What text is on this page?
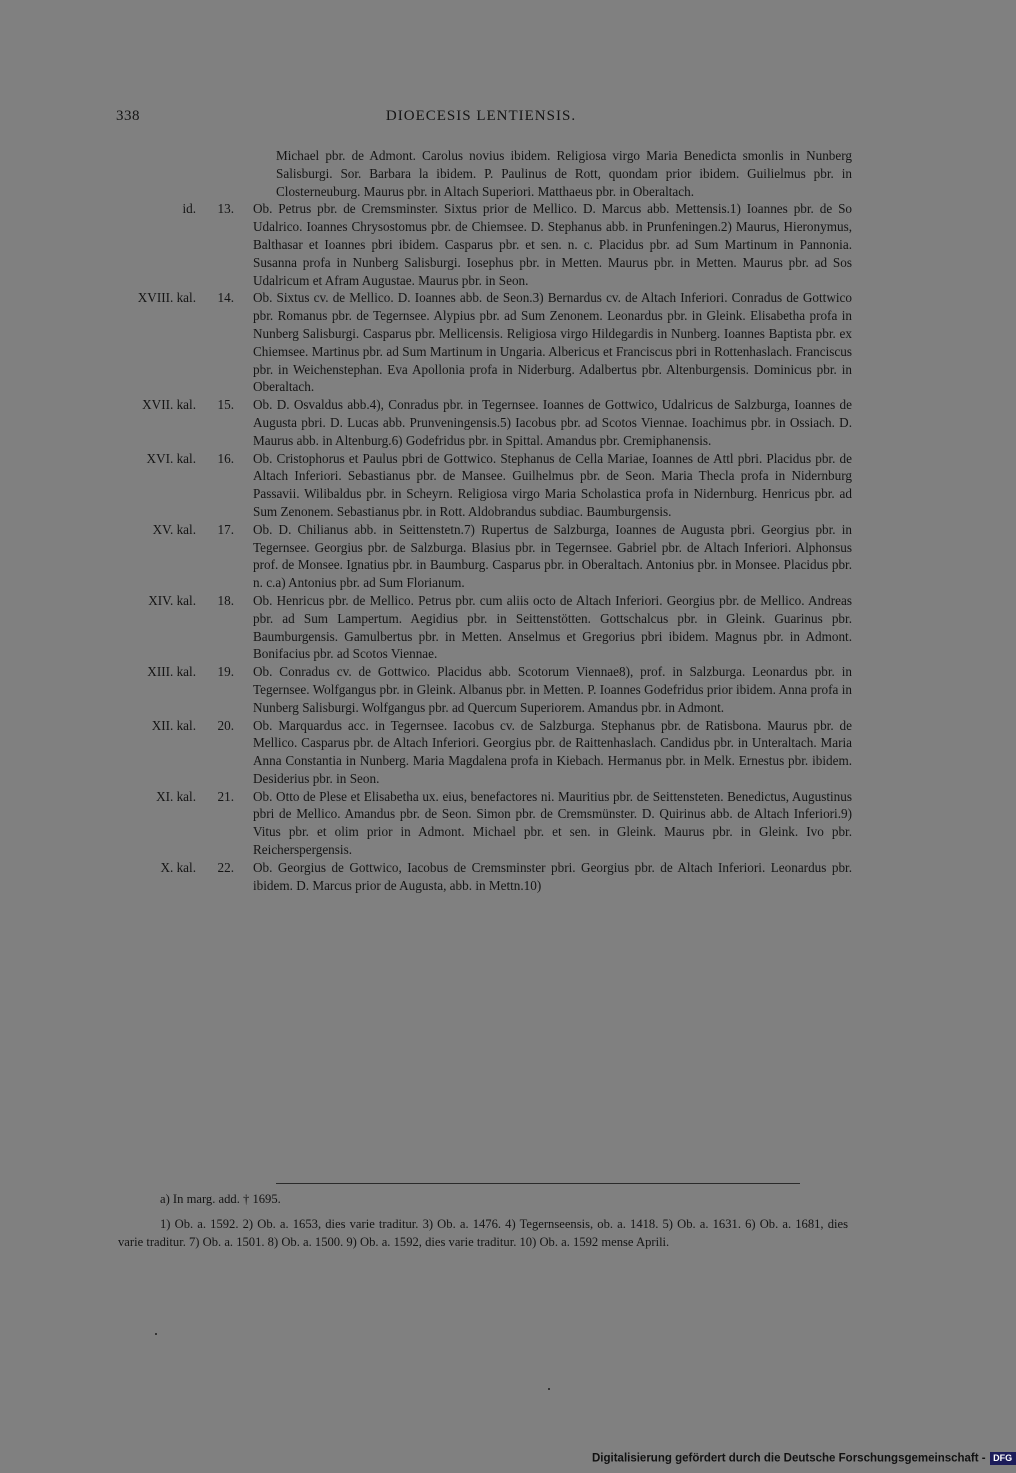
338	DIOECESIS LENTIENSIS.
Michael pbr. de Admont. Carolus novius ibidem. Religiosa virgo Maria Benedicta smonlis in Nunberg Salisburgi. Sor. Barbara la ibidem. P. Paulinus de Rott, quondam prior ibidem. Guilielmus pbr. in Closterneuburg. Maurus pbr. in Altach Superiori. Matthaeus pbr. in Oberaltach.
id.	13. Ob. Petrus pbr. de Cremsminster. Sixtus prior de Mellico. D. Marcus abb. Mettensis.1) Ioannes pbr. de So Udalrico. Ioannes Chrysostomus pbr. de Chiemsee. D. Stephanus abb. in Prunfeningen.2) Maurus, Hieronymus, Balthasar et Ioannes pbri ibidem. Casparus pbr. et sen. n. c. Placidus pbr. ad Sum Martinum in Pannonia. Susanna profa in Nunberg Salisburgi. Iosephus pbr. in Metten. Maurus pbr. in Metten. Maurus pbr. ad Sos Udalricum et Afram Augustae. Maurus pbr. in Seon.
XVIII. kal.	14. Ob. Sixtus cv. de Mellico. D. Ioannes abb. de Seon.3) Bernardus cv. de Altach Inferiori. Conradus de Gottwico pbr. Romanus pbr. de Tegernsee. Alypius pbr. ad Sum Zenonem. Leonardus pbr. in Gleink. Elisabetha profa in Nunberg Salisburgi. Casparus pbr. Mellicensis. Religiosa virgo Hildegardis in Nunberg. Ioannes Baptista pbr. ex Chiemsee. Martinus pbr. ad Sum Martinum in Ungaria. Albericus et Franciscus pbri in Rottenhaslach. Franciscus pbr. in Weichenstephan. Eva Apollonia profa in Niderburg. Adalbertus pbr. Altenburgensis. Dominicus pbr. in Oberaltach.
XVII. kal.	15. Ob. D. Osvaldus abb.4), Conradus pbr. in Tegernsee. Ioannes de Gottwico, Udalricus de Salzburga, Ioannes de Augusta pbri. D. Lucas abb. Prunveningensis.5) Iacobus pbr. ad Scotos Viennae. Ioachimus pbr. in Ossiach. D. Maurus abb. in Altenburg.6) Godefridus pbr. in Spittal. Amandus pbr. Cremiphanensis.
XVI. kal.	16. Ob. Cristophorus et Paulus pbri de Gottwico. Stephanus de Cella Mariae, Ioannes de Attl pbri. Placidus pbr. de Altach Inferiori. Sebastianus pbr. de Mansee. Guilhelmus pbr. de Seon. Maria Thecla profa in Nidernburg Passavii. Wilibaldus pbr. in Scheyrn. Religiosa virgo Maria Scholastica profa in Nidernburg. Henricus pbr. ad Sum Zenonem. Sebastianus pbr. in Rott. Aldobrandus subdiac. Baumburgensis.
XV. kal.	17. Ob. D. Chilianus abb. in Seittenstetn.7) Rupertus de Salzburga, Ioannes de Augusta pbri. Georgius pbr. in Tegernsee. Georgius pbr. de Salzburga. Blasius pbr. in Tegernsee. Gabriel pbr. de Altach Inferiori. Alphonsus prof. de Monsee. Ignatius pbr. in Baumburg. Casparus pbr. in Oberaltach. Antonius pbr. in Monsee. Placidus pbr. n. c.a) Antonius pbr. ad Sum Florianum.
XIV. kal.	18. Ob. Henricus pbr. de Mellico. Petrus pbr. cum aliis octo de Altach Inferiori. Georgius pbr. de Mellico. Andreas pbr. ad Sum Lampertum. Aegidius pbr. in Seittenstötten. Gottschalcus pbr. in Gleink. Guarinus pbr. Baumburgensis. Gamulbertus pbr. in Metten. Anselmus et Gregorius pbri ibidem. Magnus pbr. in Admont. Bonifacius pbr. ad Scotos Viennae.
XIII. kal.	19. Ob. Conradus cv. de Gottwico. Placidus abb. Scotorum Viennae8), prof. in Salzburga. Leonardus pbr. in Tegernsee. Wolfgangus pbr. in Gleink. Albanus pbr. in Metten. P. Ioannes Godefridus prior ibidem. Anna profa in Nunberg Salisburgi. Wolfgangus pbr. ad Quercum Superiorem. Amandus pbr. in Admont.
XII. kal.	20. Ob. Marquardus acc. in Tegernsee. Iacobus cv. de Salzburga. Stephanus pbr. de Ratisbona. Maurus pbr. de Mellico. Casparus pbr. de Altach Inferiori. Georgius pbr. de Raittenhaslach. Candidus pbr. in Unteraltach. Maria Anna Constantia in Nunberg. Maria Magdalena profa in Kiebach. Hermanus pbr. in Melk. Ernestus pbr. ibidem. Desiderius pbr. in Seon.
XI. kal.	21. Ob. Otto de Plese et Elisabetha ux. eius, benefactores ni. Mauritius pbr. de Seittensteten. Benedictus, Augustinus pbri de Mellico. Amandus pbr. de Seon. Simon pbr. de Cremsmünster. D. Quirinus abb. de Altach Inferiori.9) Vitus pbr. et olim prior in Admont. Michael pbr. et sen. in Gleink. Maurus pbr. in Gleink. Ivo pbr. Reicherspergensis.
X. kal.	22. Ob. Georgius de Gottwico, Iacobus de Cremsminster pbri. Georgius pbr. de Altach Inferiori. Leonardus pbr. ibidem. D. Marcus prior de Augusta, abb. in Mettn.10)
a) In marg. add. † 1695.
1) Ob. a. 1592. 2) Ob. a. 1653, dies varie traditur. 3) Ob. a. 1476. 4) Tegernseensis, ob. a. 1418. 5) Ob. a. 1631. 6) Ob. a. 1681, dies varie traditur. 7) Ob. a. 1501. 8) Ob. a. 1500. 9) Ob. a. 1592, dies varie traditur. 10) Ob. a. 1592 mense Aprili.
Digitalisierung gefördert durch die Deutsche Forschungsgemeinschaft - DFG
